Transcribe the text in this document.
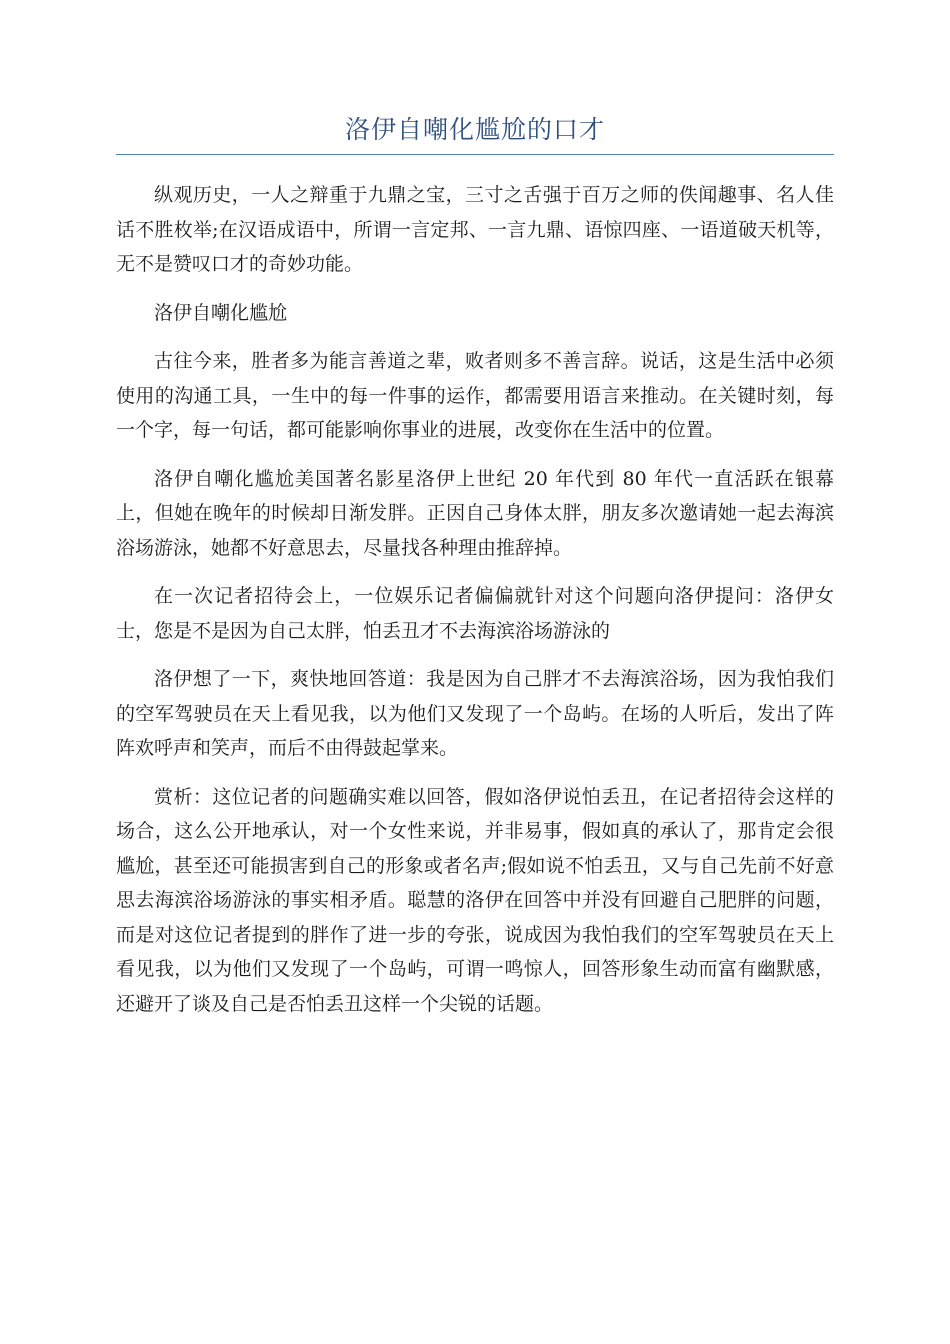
洛伊自嘲化尴尬的口才

纵观历史，一人之辩重于九鼎之宝，三寸之舌强于百万之师的佚闻趣事、名人佳话不胜枚举;在汉语成语中，所谓一言定邦、一言九鼎、语惊四座、一语道破天机等，无不是赞叹口才的奇妙功能。

洛伊自嘲化尴尬

古往今来，胜者多为能言善道之辈，败者则多不善言辞。说话，这是生活中必须使用的沟通工具，一生中的每一件事的运作，都需要用语言来推动。在关键时刻，每一个字，每一句话，都可能影响你事业的进展，改变你在生活中的位置。

洛伊自嘲化尴尬美国著名影星洛伊上世纪 20 年代到 80 年代一直活跃在银幕上，但她在晚年的时候却日渐发胖。正因自己身体太胖，朋友多次邀请她一起去海滨浴场游泳，她都不好意思去，尽量找各种理由推辞掉。

在一次记者招待会上，一位娱乐记者偏偏就针对这个问题向洛伊提问：洛伊女士，您是不是因为自己太胖，怕丢丑才不去海滨浴场游泳的

洛伊想了一下，爽快地回答道：我是因为自己胖才不去海滨浴场，因为我怕我们的空军驾驶员在天上看见我，以为他们又发现了一个岛屿。在场的人听后，发出了阵阵欢呼声和笑声，而后不由得鼓起掌来。

赏析：这位记者的问题确实难以回答，假如洛伊说怕丢丑，在记者招待会这样的场合，这么公开地承认，对一个女性来说，并非易事，假如真的承认了，那肯定会很尴尬，甚至还可能损害到自己的形象或者名声;假如说不怕丢丑，又与自己先前不好意思去海滨浴场游泳的事实相矛盾。聪慧的洛伊在回答中并没有回避自己肥胖的问题，而是对这位记者提到的胖作了进一步的夸张，说成因为我怕我们的空军驾驶员在天上看见我，以为他们又发现了一个岛屿，可谓一鸣惊人，回答形象生动而富有幽默感，还避开了谈及自己是否怕丢丑这样一个尖锐的话题。
